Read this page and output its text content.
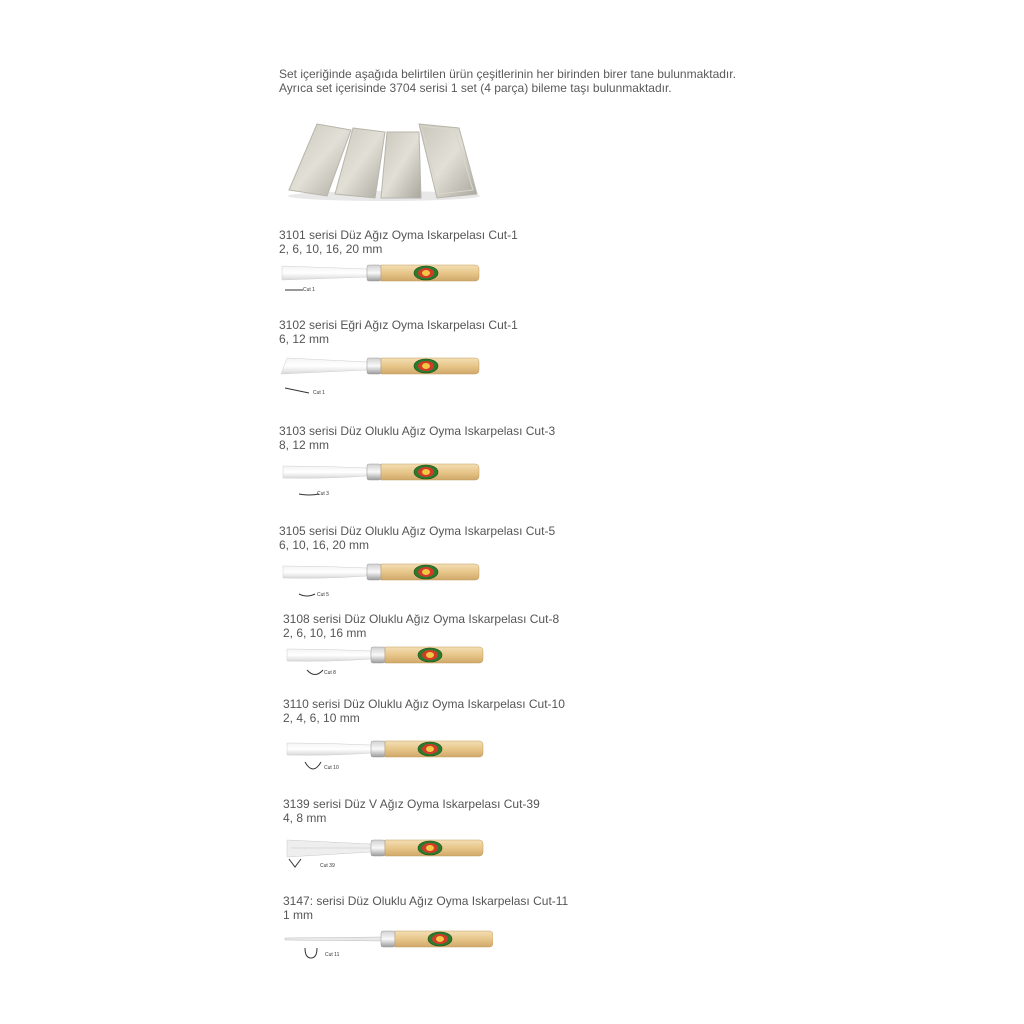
Set içeriğinde aşağıda belirtilen ürün çeşitlerinin her birinden birer tane bulunmaktadır.
Ayrıca set içerisinde 3704 serisi 1 set (4 parça) bileme taşı bulunmaktadır.
3101 serisi Düz Ağız Oyma Iskarpelası Cut-1
2, 6, 10, 16, 20 mm
Cut 1
3102 serisi Eğri Ağız Oyma Iskarpelası Cut-1
6, 12 mm
Cut 1
3103 serisi Düz Oluklu Ağız Oyma Iskarpelası Cut-3
8, 12 mm
Cut 3
3105 serisi Düz Oluklu Ağız Oyma Iskarpelası Cut-5
6, 10, 16, 20 mm
Cut 5
3108 serisi Düz Oluklu Ağız Oyma Iskarpelası Cut-8
2, 6, 10, 16 mm
Cut 8
3110 serisi Düz Oluklu Ağız Oyma Iskarpelası Cut-10
2, 4, 6, 10 mm
Cut 10
3139 serisi Düz V Ağız Oyma Iskarpelası Cut-39
4, 8 mm
Cut 39
3147: serisi Düz Oluklu Ağız Oyma Iskarpelası Cut-11
1 mm
Cut 11
